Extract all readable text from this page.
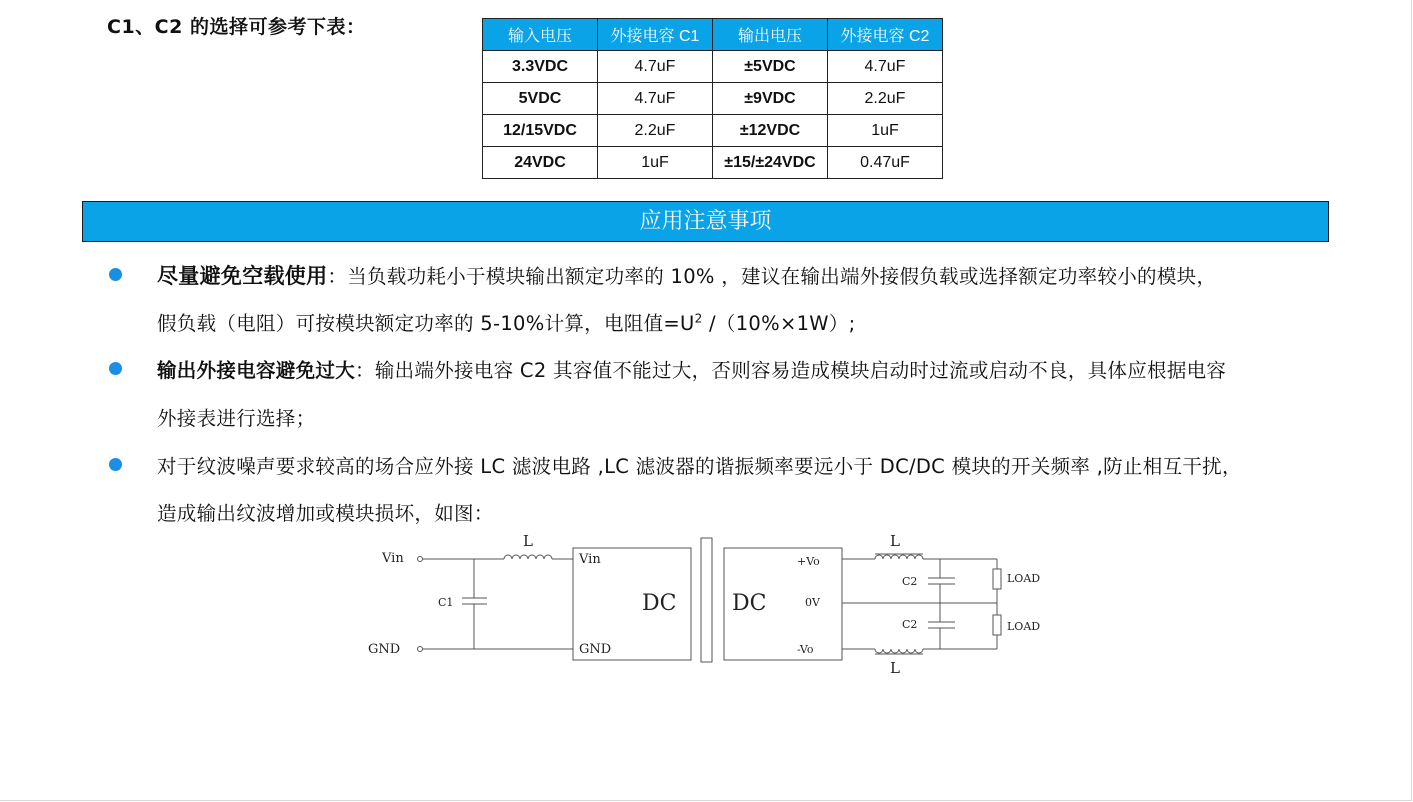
C1、C2 的选择可参考下表：	输入电压	外接电容 C1	输出电压	外接电容 C2
3.3VDC	4.7uF	±5VDC	4.7uF
5VDC	4.7uF	±9VDC	2.2uF
12/15VDC	2.2uF	±12VDC	1uF
24VDC	1uF	±15/±24VDC	0.47uF
应用注意事项
尽量避免空载使用：当负载功耗小于模块输出额定功率的 10% ，建议在输出端外接假负载或选择额定功率较小的模块，
假负载（电阻）可按模块额定功率的 5-10%计算，电阻值$=U^2$ /（10%×1W）;
输出外接电容避免过大：输出端外接电容 C2 其容值不能过大，否则容易造成模块启动时过流或启动不良，具体应根据电容
外接表进行选择；
对于纹波噪声要求较高的场合应外接 LC 滤波电路 ,LC 滤波器的谐振频率要远小于 DC/DC 模块的开关频率 ,防止相互干扰，
造成输出纹波增加或模块损坏，如图：
Vin
GND
C1
L
Vin
GND
DC	DC
+Vo
0V
-Vo
L
L
C2
C2
LOAD
LOAD
